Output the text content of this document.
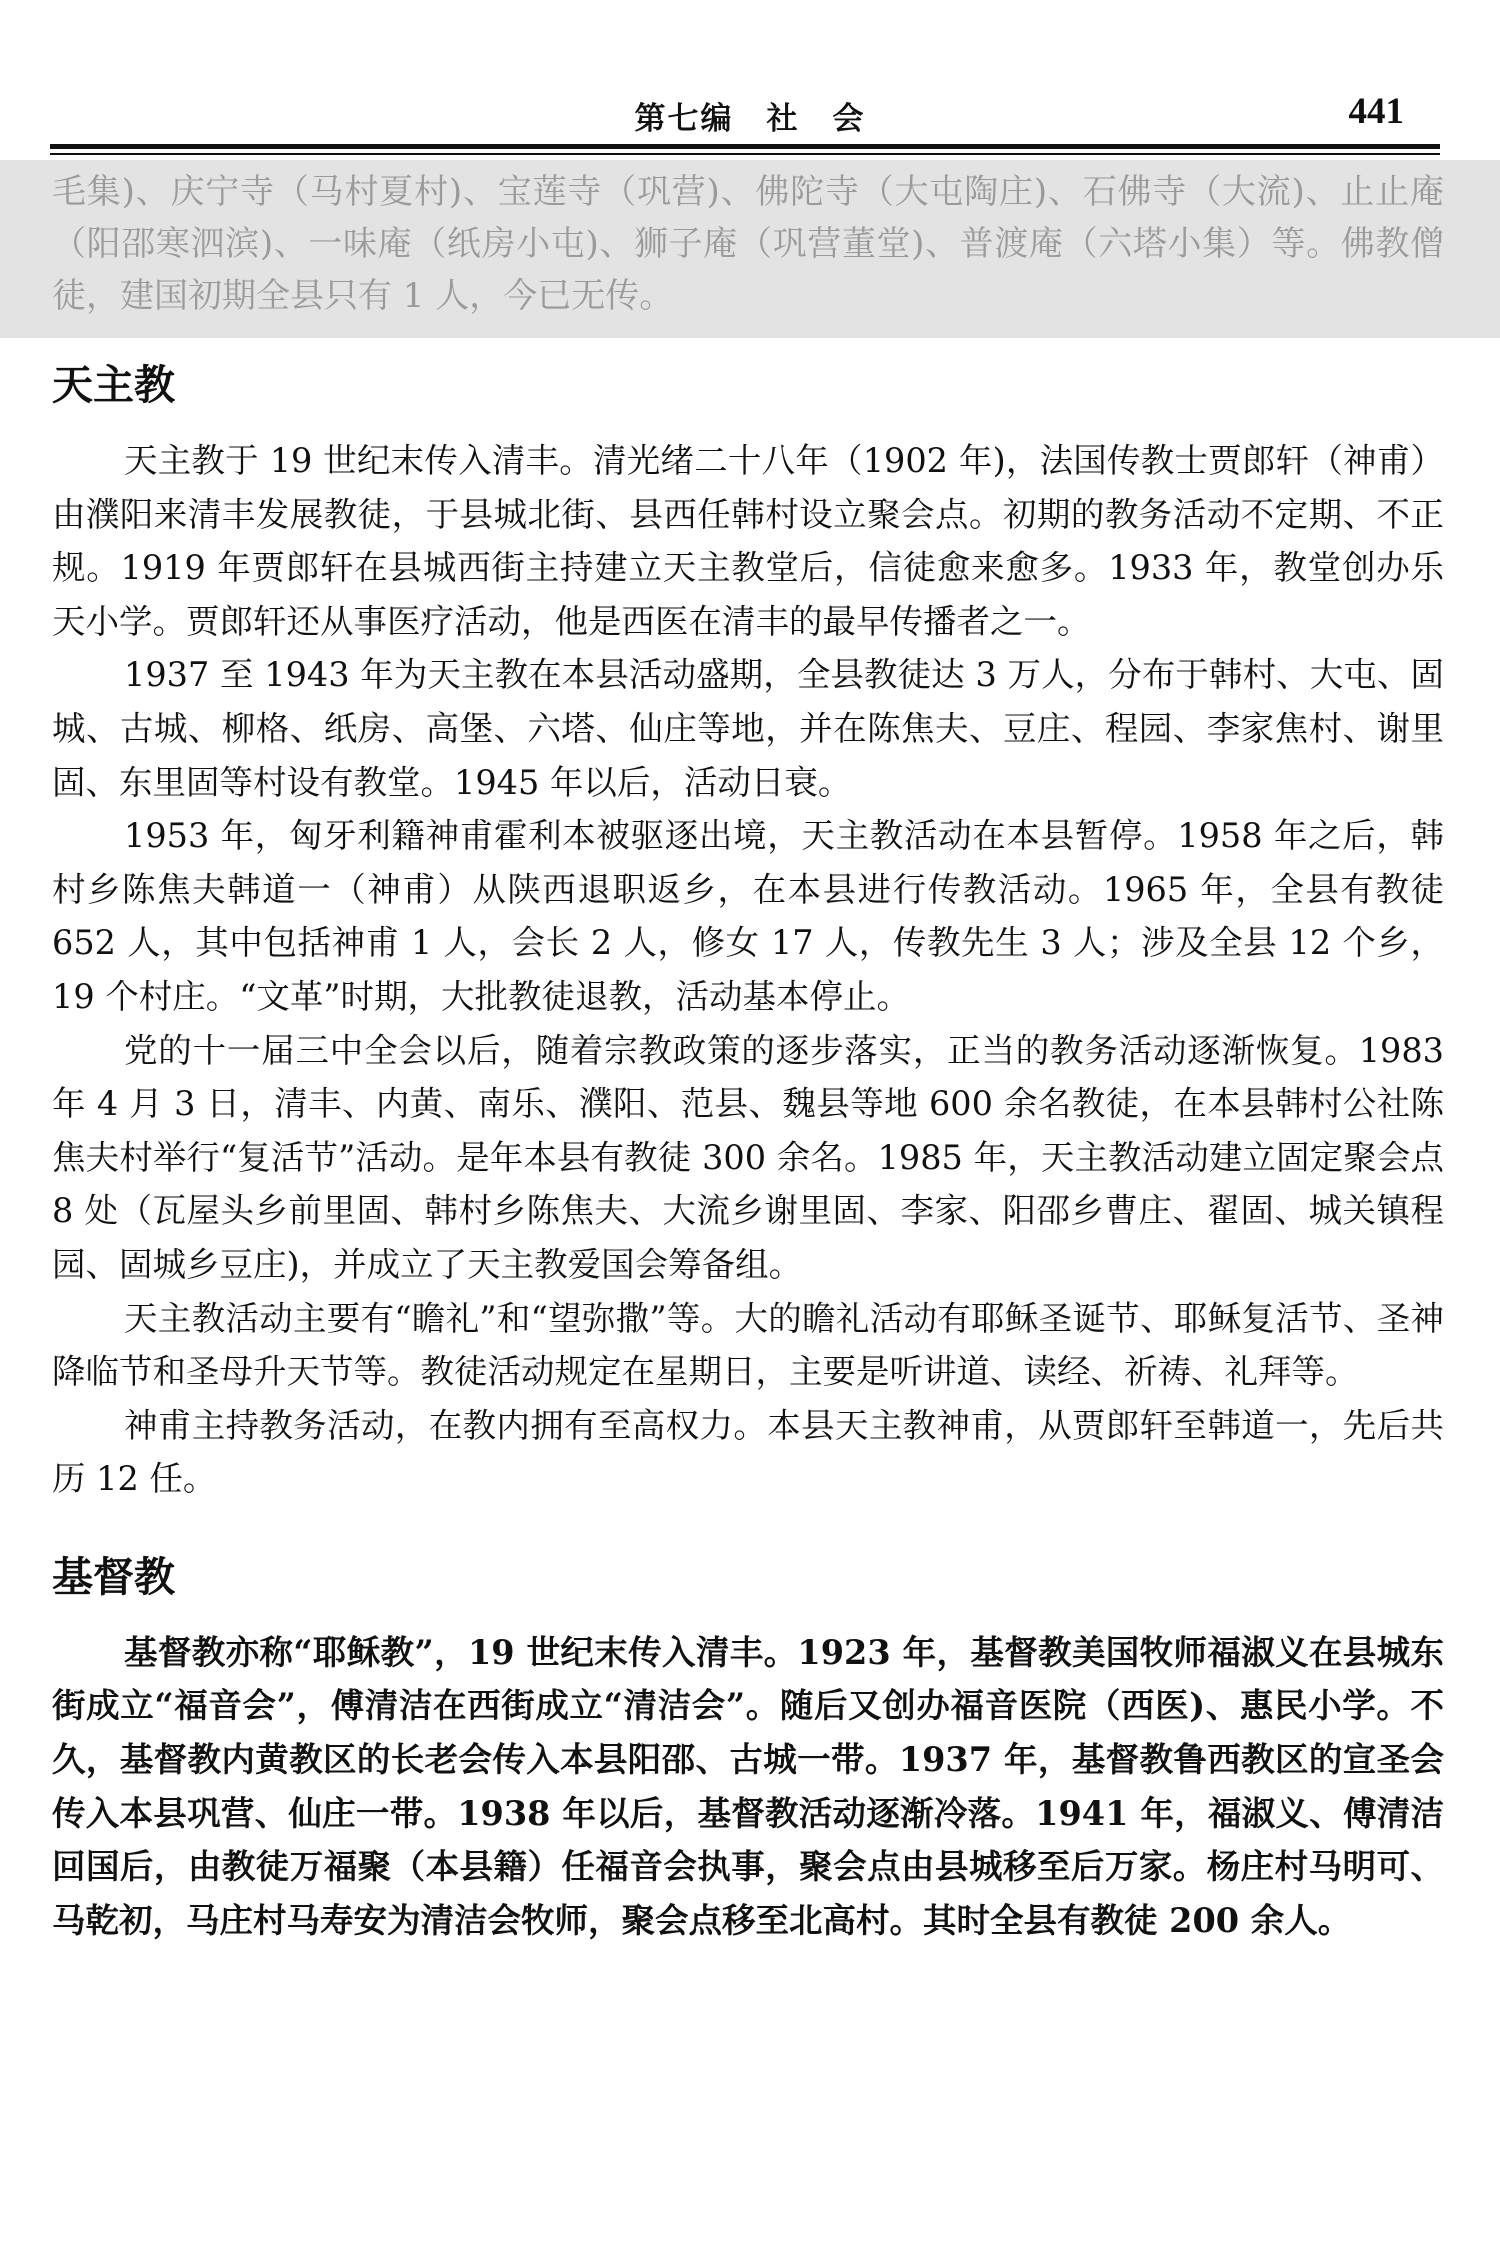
第七编　社　会	441
毛集)、庆宁寺（马村夏村)、宝莲寺（巩营)、佛陀寺（大屯陶庄)、石佛寺（大流)、止止庵（阳邵寒泗滨)、一味庵（纸房小屯)、狮子庵（巩营董堂)、普渡庵（六塔小集）等。佛教僧徒，建国初期全县只有 1 人，今已无传。
天主教

天主教于 19 世纪末传入清丰。清光绪二十八年（1902 年)，法国传教士贾郎轩（神甫）由濮阳来清丰发展教徒，于县城北街、县西任韩村设立聚会点。初期的教务活动不定期、不正规。1919 年贾郎轩在县城西街主持建立天主教堂后，信徒愈来愈多。1933 年，教堂创办乐天小学。贾郎轩还从事医疗活动，他是西医在清丰的最早传播者之一。

1937 至 1943 年为天主教在本县活动盛期，全县教徒达 3 万人，分布于韩村、大屯、固城、古城、柳格、纸房、高堡、六塔、仙庄等地，并在陈焦夫、豆庄、程园、李家焦村、谢里固、东里固等村设有教堂。1945 年以后，活动日衰。

1953 年，匈牙利籍神甫霍利本被驱逐出境，天主教活动在本县暂停。1958 年之后，韩村乡陈焦夫韩道一（神甫）从陕西退职返乡，在本县进行传教活动。1965 年，全县有教徒 652 人，其中包括神甫 1 人，会长 2 人，修女 17 人，传教先生 3 人；涉及全县 12 个乡，19 个村庄。“文革”时期，大批教徒退教，活动基本停止。

党的十一届三中全会以后，随着宗教政策的逐步落实，正当的教务活动逐渐恢复。1983 年 4 月 3 日，清丰、内黄、南乐、濮阳、范县、魏县等地 600 余名教徒，在本县韩村公社陈焦夫村举行“复活节”活动。是年本县有教徒 300 余名。1985 年，天主教活动建立固定聚会点 8 处（瓦屋头乡前里固、韩村乡陈焦夫、大流乡谢里固、李家、阳邵乡曹庄、翟固、城关镇程园、固城乡豆庄)，并成立了天主教爱国会筹备组。

天主教活动主要有“瞻礼”和“望弥撒”等。大的瞻礼活动有耶稣圣诞节、耶稣复活节、圣神降临节和圣母升天节等。教徒活动规定在星期日，主要是听讲道、读经、祈祷、礼拜等。

神甫主持教务活动，在教内拥有至高权力。本县天主教神甫，从贾郎轩至韩道一，先后共历 12 任。

基督教

基督教亦称“耶稣教”，19 世纪末传入清丰。1923 年，基督教美国牧师福淑义在县城东街成立“福音会”，傅清洁在西街成立“清洁会”。随后又创办福音医院（西医)、惠民小学。不久，基督教内黄教区的长老会传入本县阳邵、古城一带。1937 年，基督教鲁西教区的宣圣会传入本县巩营、仙庄一带。1938 年以后，基督教活动逐渐冷落。1941 年，福淑义、傅清洁回国后，由教徒万福聚（本县籍）任福音会执事，聚会点由县城移至后万家。杨庄村马明可、马乾初，马庄村马寿安为清洁会牧师，聚会点移至北高村。其时全县有教徒 200 余人。
